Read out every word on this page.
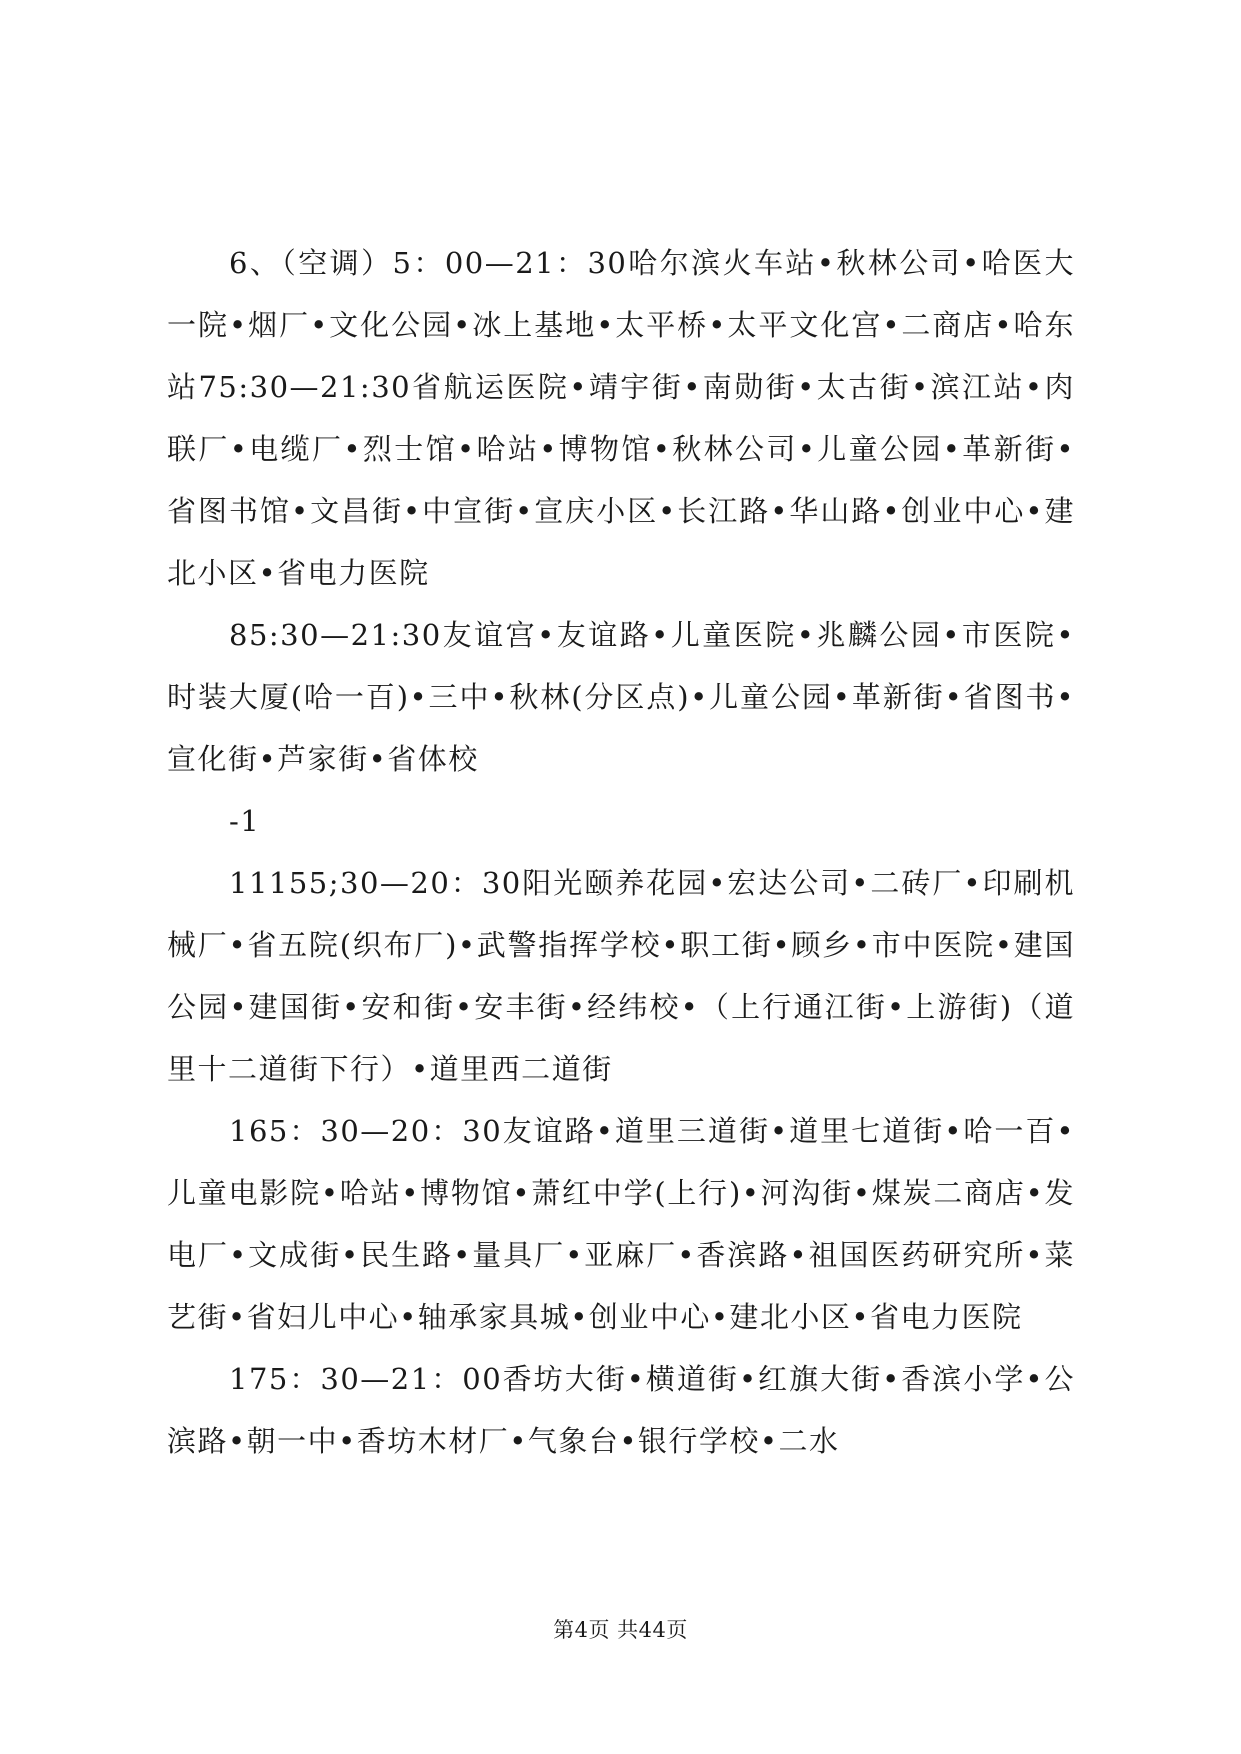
6、（空调）5：00—21：30哈尔滨火车站•秋林公司•哈医大一院•烟厂•文化公园•冰上基地•太平桥•太平文化宫•二商店•哈东站75:30—21:30省航运医院•靖宇街•南勋街•太古街•滨江站•肉联厂•电缆厂•烈士馆•哈站•博物馆•秋林公司•儿童公园•革新街•省图书馆•文昌街•中宣街•宣庆小区•长江路•华山路•创业中心•建北小区•省电力医院

85:30—21:30友谊宫•友谊路•儿童医院•兆麟公园•市医院•时装大厦(哈一百)•三中•秋林(分区点)•儿童公园•革新街•省图书•宣化街•芦家街•省体校

-1

11155;30—20：30阳光颐养花园•宏达公司•二砖厂•印刷机械厂•省五院(织布厂)•武警指挥学校•职工街•顾乡•市中医院•建国公园•建国街•安和街•安丰街•经纬校•（上行通江街•上游街)（道里十二道街下行）•道里西二道街

165：30—20：30友谊路•道里三道街•道里七道街•哈一百•儿童电影院•哈站•博物馆•萧红中学(上行)•河沟街•煤炭二商店•发电厂•文成街•民生路•量具厂•亚麻厂•香滨路•祖国医药研究所•菜艺街•省妇儿中心•轴承家具城•创业中心•建北小区•省电力医院

175：30—21：00香坊大街•横道街•红旗大街•香滨小学•公滨路•朝一中•香坊木材厂•气象台•银行学校•二水

第4页 共44页
